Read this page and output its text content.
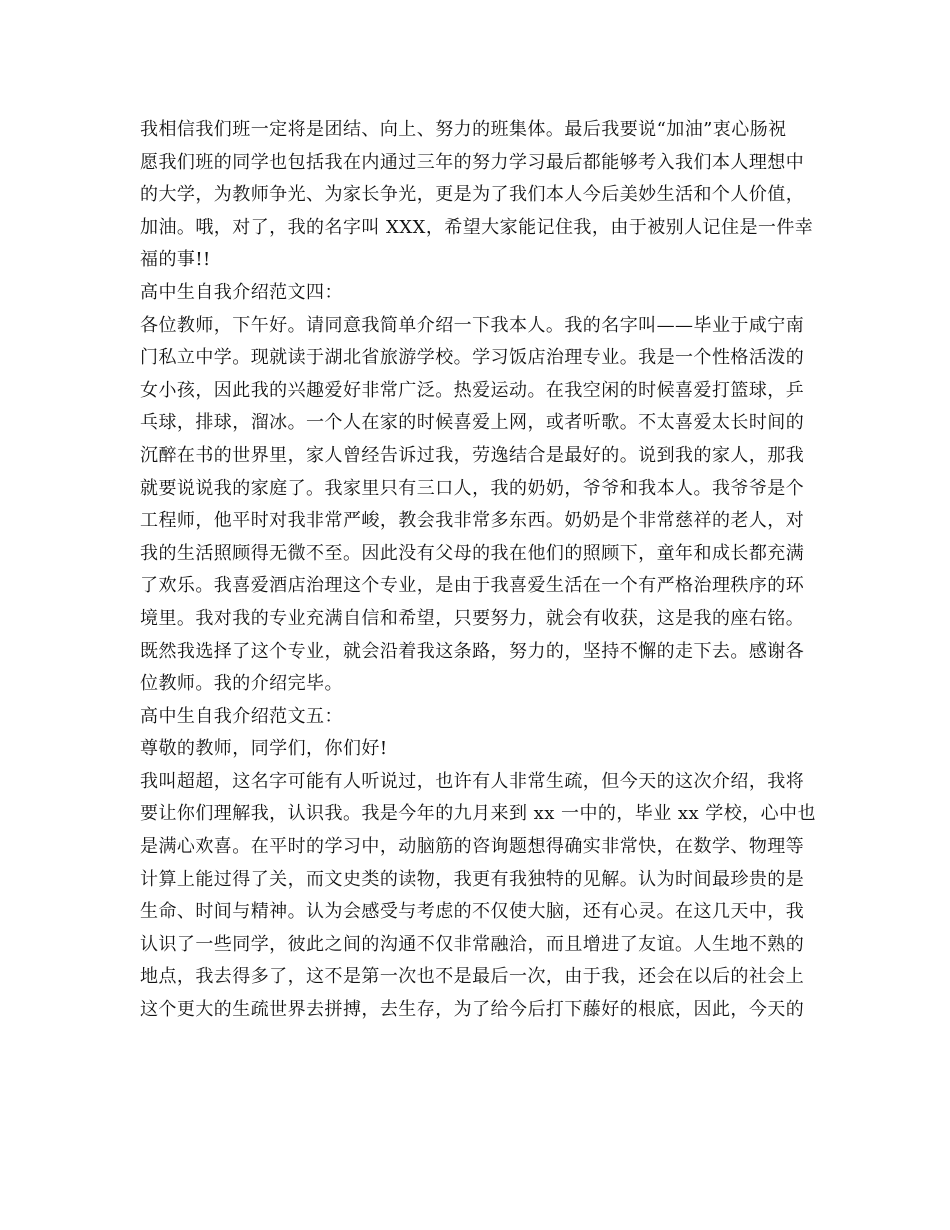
我相信我们班一定将是团结、向上、努力的班集体。最后我要说“加油”衷心肠祝
愿我们班的同学也包括我在内通过三年的努力学习最后都能够考入我们本人理想中
的大学，为教师争光、为家长争光，更是为了我们本人今后美妙生活和个人价值，
加油。哦，对了，我的名字叫 XXX，希望大家能记住我，由于被别人记住是一件幸
福的事!!
高中生自我介绍范文四：
各位教师，下午好。请同意我简单介绍一下我本人。我的名字叫——毕业于咸宁南
门私立中学。现就读于湖北省旅游学校。学习饭店治理专业。我是一个性格活泼的
女小孩，因此我的兴趣爱好非常广泛。热爱运动。在我空闲的时候喜爱打篮球，乒
乓球，排球，溜冰。一个人在家的时候喜爱上网，或者听歌。不太喜爱太长时间的
沉醉在书的世界里，家人曾经告诉过我，劳逸结合是最好的。说到我的家人，那我
就要说说我的家庭了。我家里只有三口人，我的奶奶，爷爷和我本人。我爷爷是个
工程师，他平时对我非常严峻，教会我非常多东西。奶奶是个非常慈祥的老人，对
我的生活照顾得无微不至。因此没有父母的我在他们的照顾下，童年和成长都充满
了欢乐。我喜爱酒店治理这个专业，是由于我喜爱生活在一个有严格治理秩序的环
境里。我对我的专业充满自信和希望，只要努力，就会有收获，这是我的座右铭。
既然我选择了这个专业，就会沿着我这条路，努力的，坚持不懈的走下去。感谢各
位教师。我的介绍完毕。
高中生自我介绍范文五：
尊敬的教师，同学们，你们好!
我叫超超，这名字可能有人听说过，也许有人非常生疏，但今天的这次介绍，我将
要让你们理解我，认识我。我是今年的九月来到 xx 一中的，毕业 xx 学校，心中也
是满心欢喜。在平时的学习中，动脑筋的咨询题想得确实非常快，在数学、物理等
计算上能过得了关，而文史类的读物，我更有我独特的见解。认为时间最珍贵的是
生命、时间与精神。认为会感受与考虑的不仅使大脑，还有心灵。在这几天中，我
认识了一些同学，彼此之间的沟通不仅非常融洽，而且增进了友谊。人生地不熟的
地点，我去得多了，这不是第一次也不是最后一次，由于我，还会在以后的社会上
这个更大的生疏世界去拼搏，去生存，为了给今后打下藤好的根底，因此，今天的
